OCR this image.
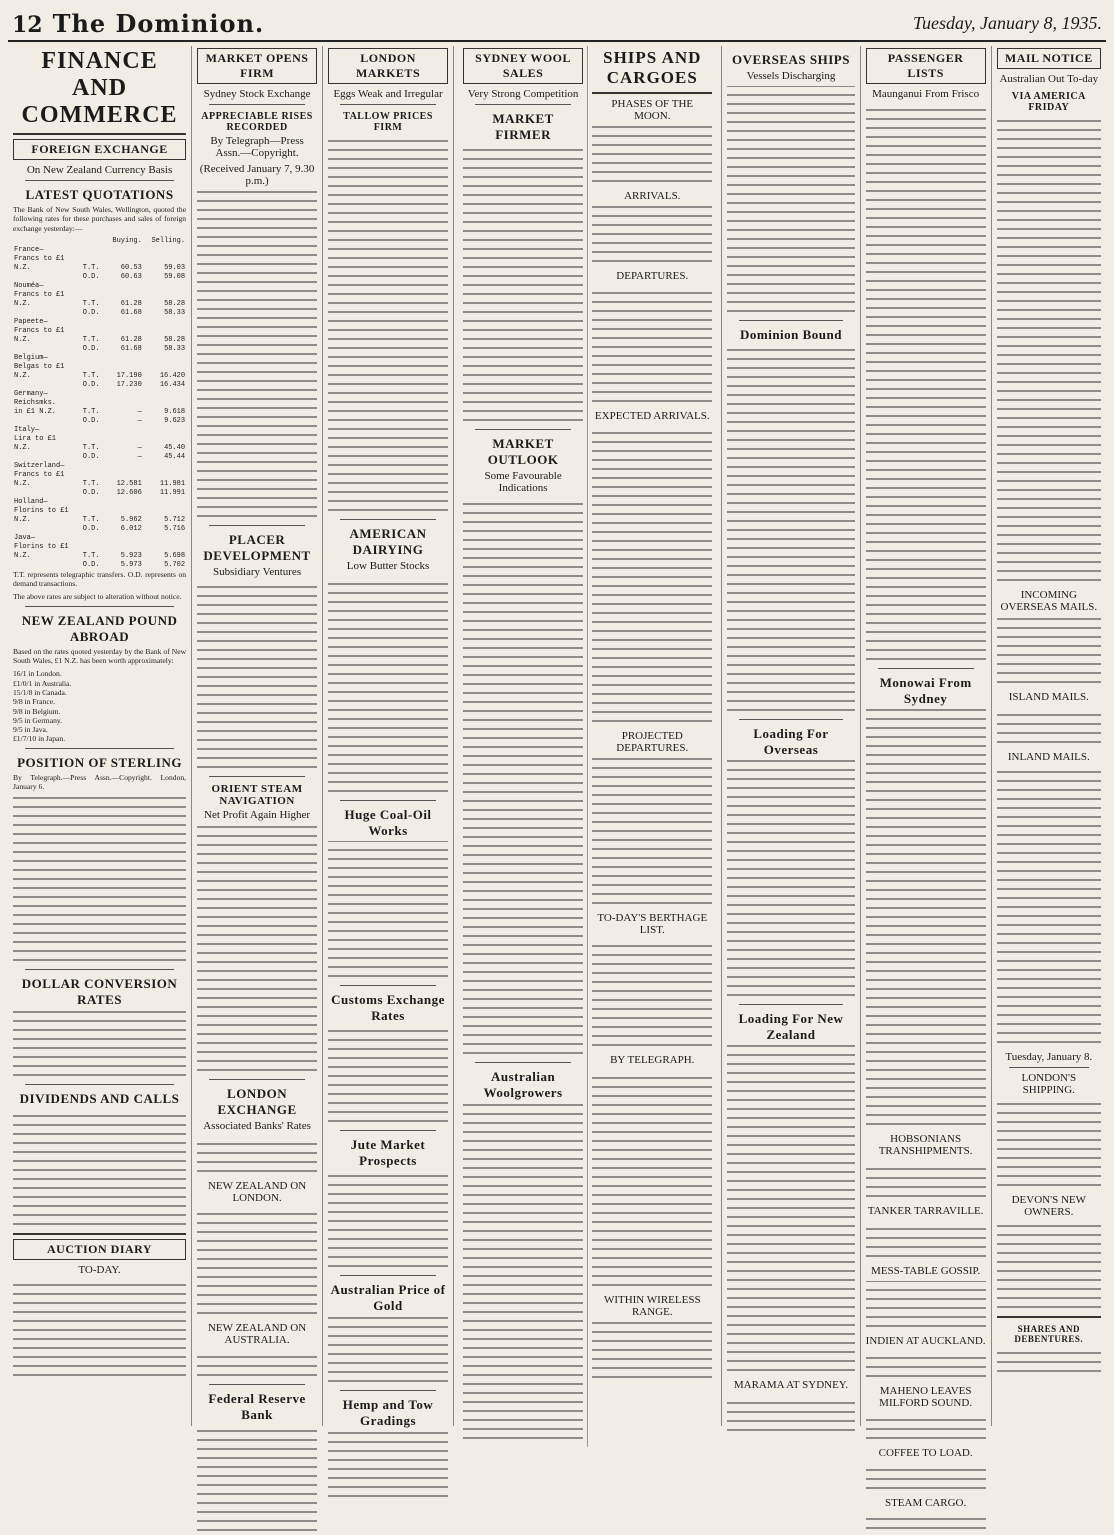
12 The Dominion.	Tuesday, January 8, 1935.
FINANCE AND COMMERCE
FOREIGN EXCHANGE
On New Zealand Currency Basis
LATEST QUOTATIONS

The Bank of New South Wales, Wellington, quoted the following rates for these purchases and sales of foreign exchange yesterday:—

		Buying.	Selling.
France—			
Francs to £1			
N.Z.	T.T.	60.53	59.03
	O.D.	60.63	59.08
Nouméa—			
Francs to £1			
N.Z.	T.T.	61.28	58.28
	O.D.	61.68	58.33
Papeete—			
Francs to £1			
N.Z.	T.T.	61.28	58.28
	O.D.	61.68	58.33
Belgium—			
Belgas to £1			
N.Z.	T.T.	17.190	16.420
	O.D.	17.230	16.434
Germany—			
Reichsmks.			
in £1 N.Z.	T.T.	—	9.618
	O.D.	—	9.623
Italy—			
Lira to £1			
N.Z.	T.T.	—	45.40
	O.D.	—	45.44
Switzerland—			
Francs to £1			
N.Z.	T.T.	12.581	11.981
	O.D.	12.606	11.991
Holland—			
Florins to £1			
N.Z.	T.T.	5.962	5.712
	O.D.	6.012	5.716
Java—			
Florins to £1			
N.Z.	T.T.	5.923	5.698
	O.D.	5.973	5.702

T.T. represents telegraphic transfers. O.D. represents on demand transactions.

The above rates are subject to alteration without notice.

NEW ZEALAND POUND ABROAD

Based on the rates quoted yesterday by the Bank of New South Wales, £1 N.Z. has been worth approximately:

16/1 in London.

£1/0/1 in Australia.

15/1/8 in Canada.

9/8 in France.

9/8 in Belgium.

9/5 in Germany.

9/5 in Java.

£1/7/10 in Japan.

POSITION OF STERLING

By Telegraph.—Press Assn.—Copyright. London, January 6.

DOLLAR CONVERSION RATES
DIVIDENDS AND CALLS
AUCTION DIARY
TO-DAY.
MARKET OPENS FIRM
Sydney Stock Exchange
APPRECIABLE RISES RECORDED
By Telegraph—Press Assn.—Copyright.
(Received January 7, 9.30 p.m.)
PLACER DEVELOPMENT
Subsidiary Ventures
ORIENT STEAM NAVIGATION
Net Profit Again Higher
LONDON EXCHANGE
Associated Banks' Rates
NEW ZEALAND ON LONDON.
NEW ZEALAND ON AUSTRALIA.
Federal Reserve Bank
LONDON MARKETS
Eggs Weak and Irregular
TALLOW PRICES FIRM
AMERICAN DAIRYING
Low Butter Stocks
Huge Coal-Oil Works
Customs Exchange Rates
Jute Market Prospects
Australian Price of Gold
Hemp and Tow Gradings
SYDNEY WOOL SALES
Very Strong Competition
MARKET FIRMER
MARKET OUTLOOK
Some Favourable Indications
Australian Woolgrowers
SHIPS AND CARGOES
PHASES OF THE MOON.
ARRIVALS.
DEPARTURES.
EXPECTED ARRIVALS.
PROJECTED DEPARTURES.
TO-DAY'S BERTHAGE LIST.
BY TELEGRAPH.
WITHIN WIRELESS RANGE.
OVERSEAS SHIPS
Vessels Discharging
Dominion Bound
Loading For Overseas
Loading For New Zealand
MARAMA AT SYDNEY.
PASSENGER LISTS
Maunganui From Frisco
Monowai From Sydney
HOBSONIANS TRANSHIPMENTS.
TANKER TARRAVILLE.
MESS-TABLE GOSSIP.
INDIEN AT AUCKLAND.
MAHENO LEAVES MILFORD SOUND.
COFFEE TO LOAD.
STEAM CARGO.
MAIL NOTICE
Australian Out To-day
VIA AMERICA FRIDAY
INCOMING OVERSEAS MAILS.
ISLAND MAILS.
INLAND MAILS.
Tuesday, January 8.
LONDON'S SHIPPING.
DEVON'S NEW OWNERS.
SHARES AND DEBENTURES.
